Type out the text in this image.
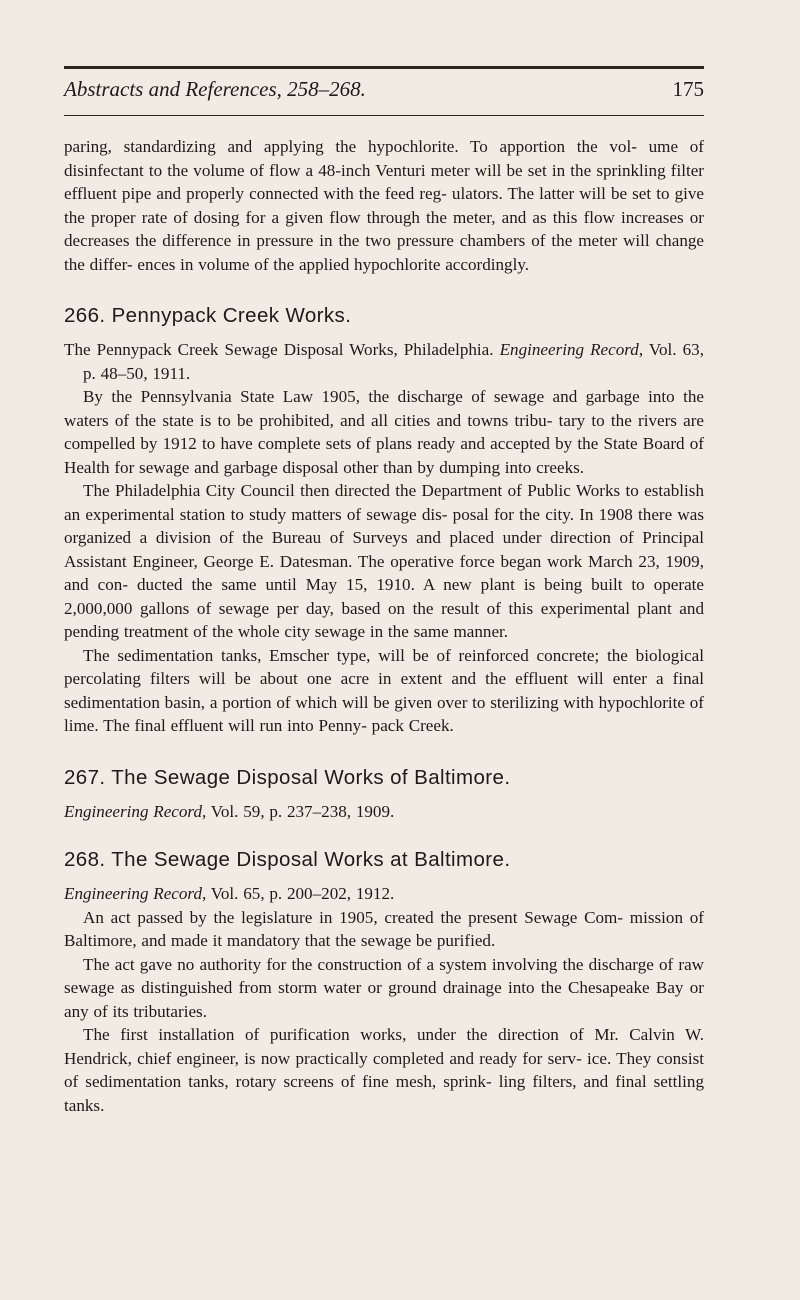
Abstracts and References, 258–268.	175

paring, standardizing and applying the hypochlorite. To apportion the vol- ume of disinfectant to the volume of flow a 48-inch Venturi meter will be set in the sprinkling filter effluent pipe and properly connected with the feed reg- ulators. The latter will be set to give the proper rate of dosing for a given flow through the meter, and as this flow increases or decreases the difference in pressure in the two pressure chambers of the meter will change the differ- ences in volume of the applied hypochlorite accordingly.

266. Pennypack Creek Works.

The Pennypack Creek Sewage Disposal Works, Philadelphia. Engineering Record, Vol. 63, p. 48–50, 1911.

By the Pennsylvania State Law 1905, the discharge of sewage and garbage into the waters of the state is to be prohibited, and all cities and towns tribu- tary to the rivers are compelled by 1912 to have complete sets of plans ready and accepted by the State Board of Health for sewage and garbage disposal other than by dumping into creeks.

The Philadelphia City Council then directed the Department of Public Works to establish an experimental station to study matters of sewage dis- posal for the city. In 1908 there was organized a division of the Bureau of Surveys and placed under direction of Principal Assistant Engineer, George E. Datesman. The operative force began work March 23, 1909, and con- ducted the same until May 15, 1910. A new plant is being built to operate 2,000,000 gallons of sewage per day, based on the result of this experimental plant and pending treatment of the whole city sewage in the same manner.

The sedimentation tanks, Emscher type, will be of reinforced concrete; the biological percolating filters will be about one acre in extent and the effluent will enter a final sedimentation basin, a portion of which will be given over to sterilizing with hypochlorite of lime. The final effluent will run into Penny- pack Creek.

267. The Sewage Disposal Works of Baltimore.

Engineering Record, Vol. 59, p. 237–238, 1909.

268. The Sewage Disposal Works at Baltimore.

Engineering Record, Vol. 65, p. 200–202, 1912.

An act passed by the legislature in 1905, created the present Sewage Com- mission of Baltimore, and made it mandatory that the sewage be purified.

The act gave no authority for the construction of a system involving the discharge of raw sewage as distinguished from storm water or ground drainage into the Chesapeake Bay or any of its tributaries.

The first installation of purification works, under the direction of Mr. Calvin W. Hendrick, chief engineer, is now practically completed and ready for serv- ice. They consist of sedimentation tanks, rotary screens of fine mesh, sprink- ling filters, and final settling tanks.
